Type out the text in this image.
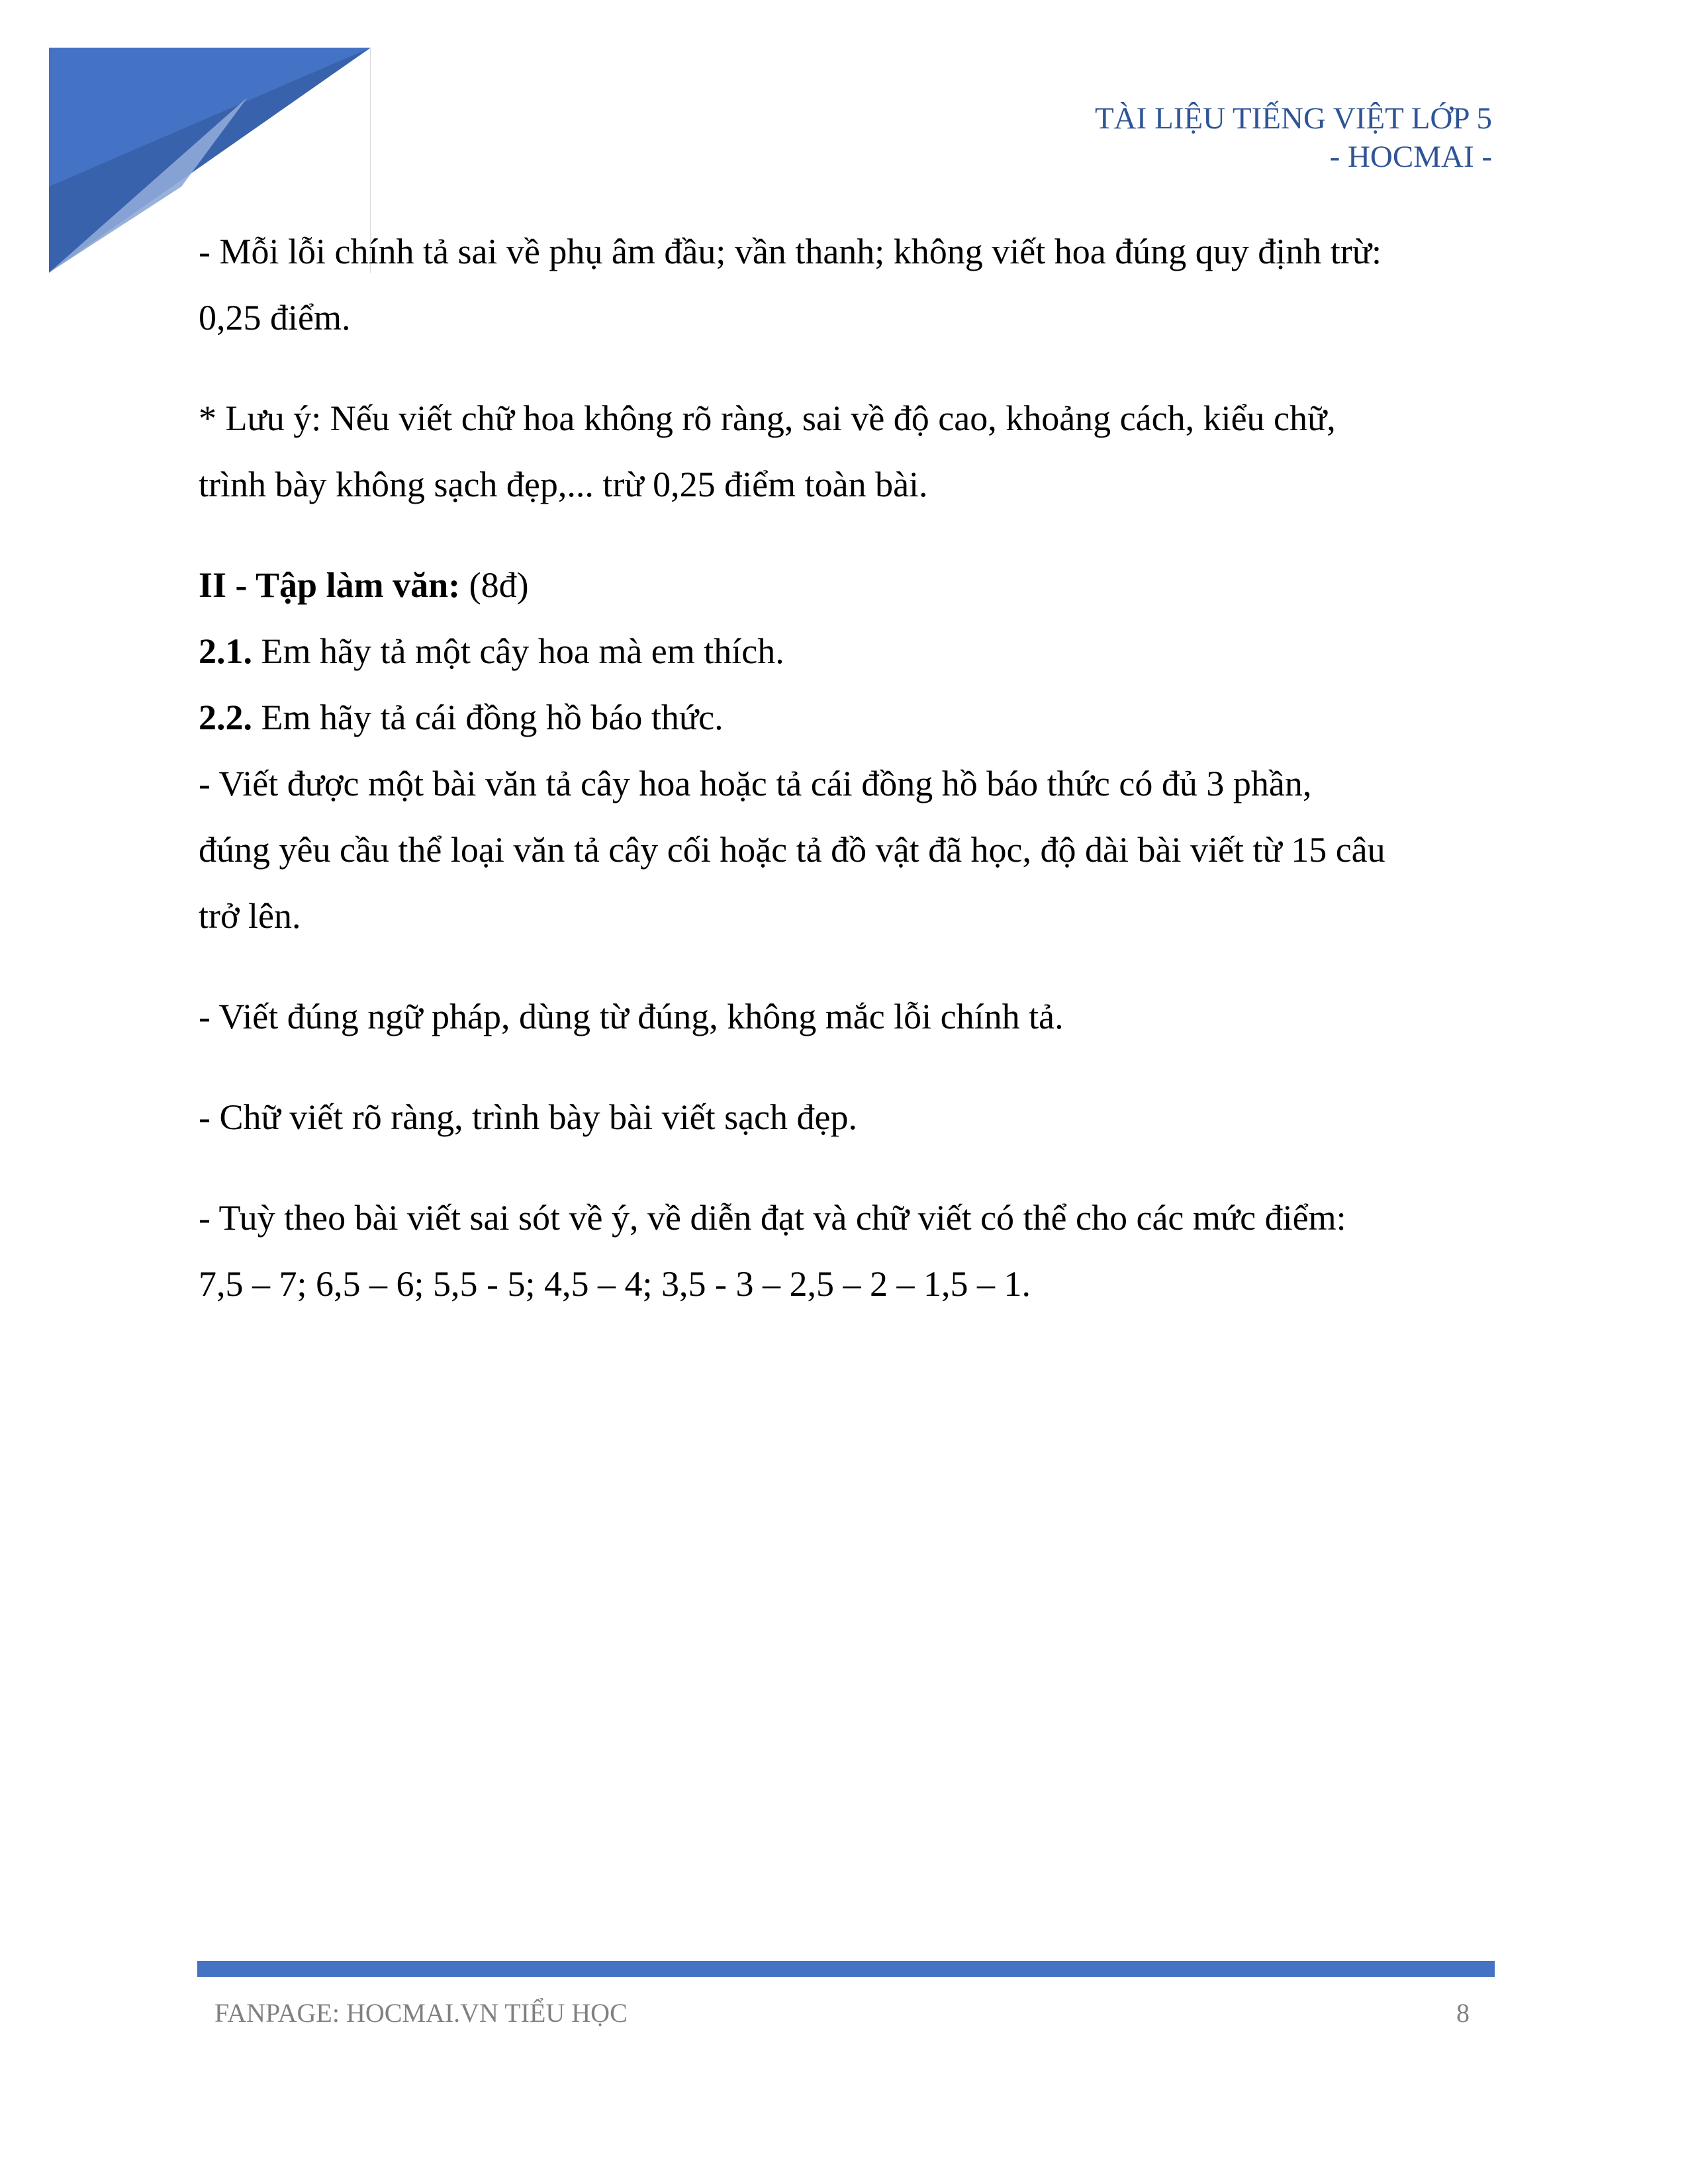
TÀI LIỆU TIẾNG VIỆT LỚP 5
- HOCMAI -

- Mỗi lỗi chính tả sai về phụ âm đầu; vần thanh; không viết hoa đúng quy định trừ:
0,25 điểm.

* Lưu ý: Nếu viết chữ hoa không rõ ràng, sai về độ cao, khoảng cách, kiểu chữ,
trình bày không sạch đẹp,... trừ 0,25 điểm toàn bài.

II - Tập làm văn: (8đ)

2.1. Em hãy tả một cây hoa mà em thích.

2.2. Em hãy tả cái đồng hồ báo thức.

- Viết được một bài văn tả cây hoa hoặc tả cái đồng hồ báo thức có đủ 3 phần,
đúng yêu cầu thể loại văn tả cây cối hoặc tả đồ vật đã học, độ dài bài viết từ 15 câu
trở lên.

- Viết đúng ngữ pháp, dùng từ đúng, không mắc lỗi chính tả.

- Chữ viết rõ ràng, trình bày bài viết sạch đẹp.

- Tuỳ theo bài viết sai sót về ý, về diễn đạt và chữ viết có thể cho các mức điểm:
7,5 – 7; 6,5 – 6; 5,5 - 5; 4,5 – 4; 3,5 - 3 – 2,5 – 2 – 1,5 – 1.

FANPAGE: HOCMAI.VN TIỂU HỌC	8
